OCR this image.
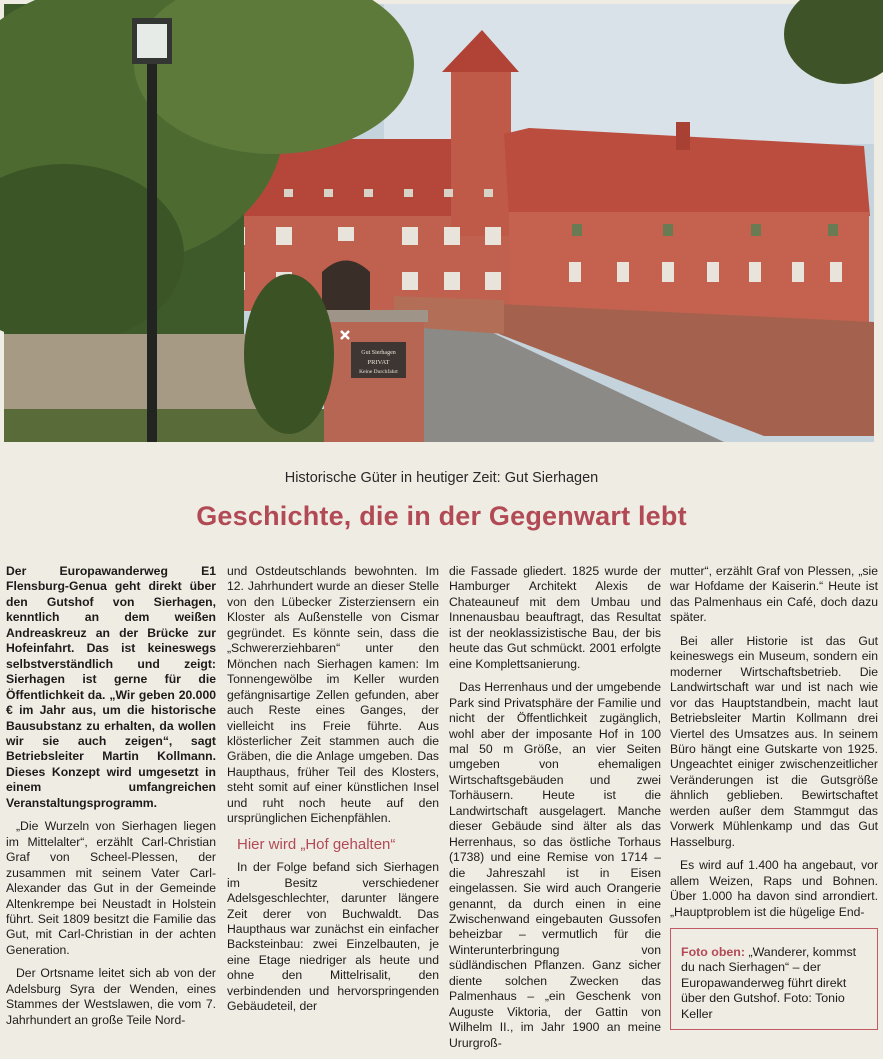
Gut Sierhagen
PRIVAT
Keine Durchfahrt
Historische Güter in heutiger Zeit: Gut Sierhagen
Geschichte, die in der Gegenwart lebt

Der Europawanderweg E1 Flensburg-Genua geht direkt über den Gutshof von Sierhagen, kenntlich an dem weißen Andreaskreuz an der Brücke zur Hofeinfahrt. Das ist keineswegs selbstverständlich und zeigt: Sierhagen ist gerne für die Öffentlichkeit da. „Wir geben 20.000 € im Jahr aus, um die historische Bausubstanz zu erhalten, da wollen wir sie auch zeigen“, sagt Betriebsleiter Martin Kollmann. Dieses Konzept wird umgesetzt in einem umfangreichen Veranstaltungsprogramm.

„Die Wurzeln von Sierhagen liegen im Mittelalter“, erzählt Carl-Christian Graf von Scheel-Plessen, der zusammen mit seinem Vater Carl-Alexander das Gut in der Gemeinde Altenkrempe bei Neustadt in Holstein führt. Seit 1809 besitzt die Familie das Gut, mit Carl-Christian in der achten Generation.

Der Ortsname leitet sich ab von der Adelsburg Syra der Wenden, eines Stammes der Westslawen, die vom 7. Jahrhundert an große Teile Nord-

und Ostdeutschlands bewohnten. Im 12. Jahrhundert wurde an dieser Stelle von den Lübecker Zisterziensern ein Kloster als Außenstelle von Cismar gegründet. Es könnte sein, dass die „Schwererziehbaren“ unter den Mönchen nach Sierhagen kamen: Im Tonnengewölbe im Keller wurden gefängnisartige Zellen gefunden, aber auch Reste eines Ganges, der vielleicht ins Freie führte. Aus klösterlicher Zeit stammen auch die Gräben, die die Anlage umgeben. Das Haupthaus, früher Teil des Klosters, steht somit auf einer künstlichen Insel und ruht noch heute auf den ursprünglichen Eichenpfählen.

Hier wird „Hof gehalten“

In der Folge befand sich Sierhagen im Besitz verschiedener Adelsgeschlechter, darunter längere Zeit derer von Buchwaldt. Das Haupthaus war zunächst ein einfacher Backsteinbau: zwei Einzelbauten, je eine Etage niedriger als heute und ohne den Mittelrisalit, den verbindenden und hervorspringenden Gebäudeteil, der

die Fassade gliedert. 1825 wurde der Hamburger Architekt Alexis de Chateauneuf mit dem Umbau und Innenausbau beauftragt, das Resultat ist der neoklassizistische Bau, der bis heute das Gut schmückt. 2001 erfolgte eine Komplettsanierung.

Das Herrenhaus und der umgebende Park sind Privatsphäre der Familie und nicht der Öffentlichkeit zugänglich, wohl aber der imposante Hof in 100 mal 50 m Größe, an vier Seiten umgeben von ehemaligen Wirtschaftsgebäuden und zwei Torhäusern. Heute ist die Landwirtschaft ausgelagert. Manche dieser Gebäude sind älter als das Herrenhaus, so das östliche Torhaus (1738) und eine Remise von 1714 – die Jahreszahl ist in Eisen eingelassen. Sie wird auch Orangerie genannt, da durch einen in eine Zwischenwand eingebauten Gussofen beheizbar – vermutlich für die Winterunterbringung von südländischen Pflanzen. Ganz sicher diente solchen Zwecken das Palmenhaus – „ein Geschenk von Auguste Viktoria, der Gattin von Wilhelm II., im Jahr 1900 an meine Ururgroß-

mutter“, erzählt Graf von Plessen, „sie war Hofdame der Kaiserin.“ Heute ist das Palmenhaus ein Café, doch dazu später.

Bei aller Historie ist das Gut keineswegs ein Museum, sondern ein moderner Wirtschaftsbetrieb. Die Landwirtschaft war und ist nach wie vor das Hauptstandbein, macht laut Betriebsleiter Martin Kollmann drei Viertel des Umsatzes aus. In seinem Büro hängt eine Gutskarte von 1925. Ungeachtet einiger zwischenzeitlicher Veränderungen ist die Gutsgröße ähnlich geblieben. Bewirtschaftet werden außer dem Stammgut das Vorwerk Mühlenkamp und das Gut Hasselburg.

Es wird auf 1.400 ha angebaut, vor allem Weizen, Raps und Bohnen. Über 1.000 ha davon sind arrondiert. „Hauptproblem ist die hügelige End-

Foto oben: „Wanderer, kommst du nach Sierhagen“ – der Europawanderweg führt direkt über den Gutshof. Foto: Tonio Keller
